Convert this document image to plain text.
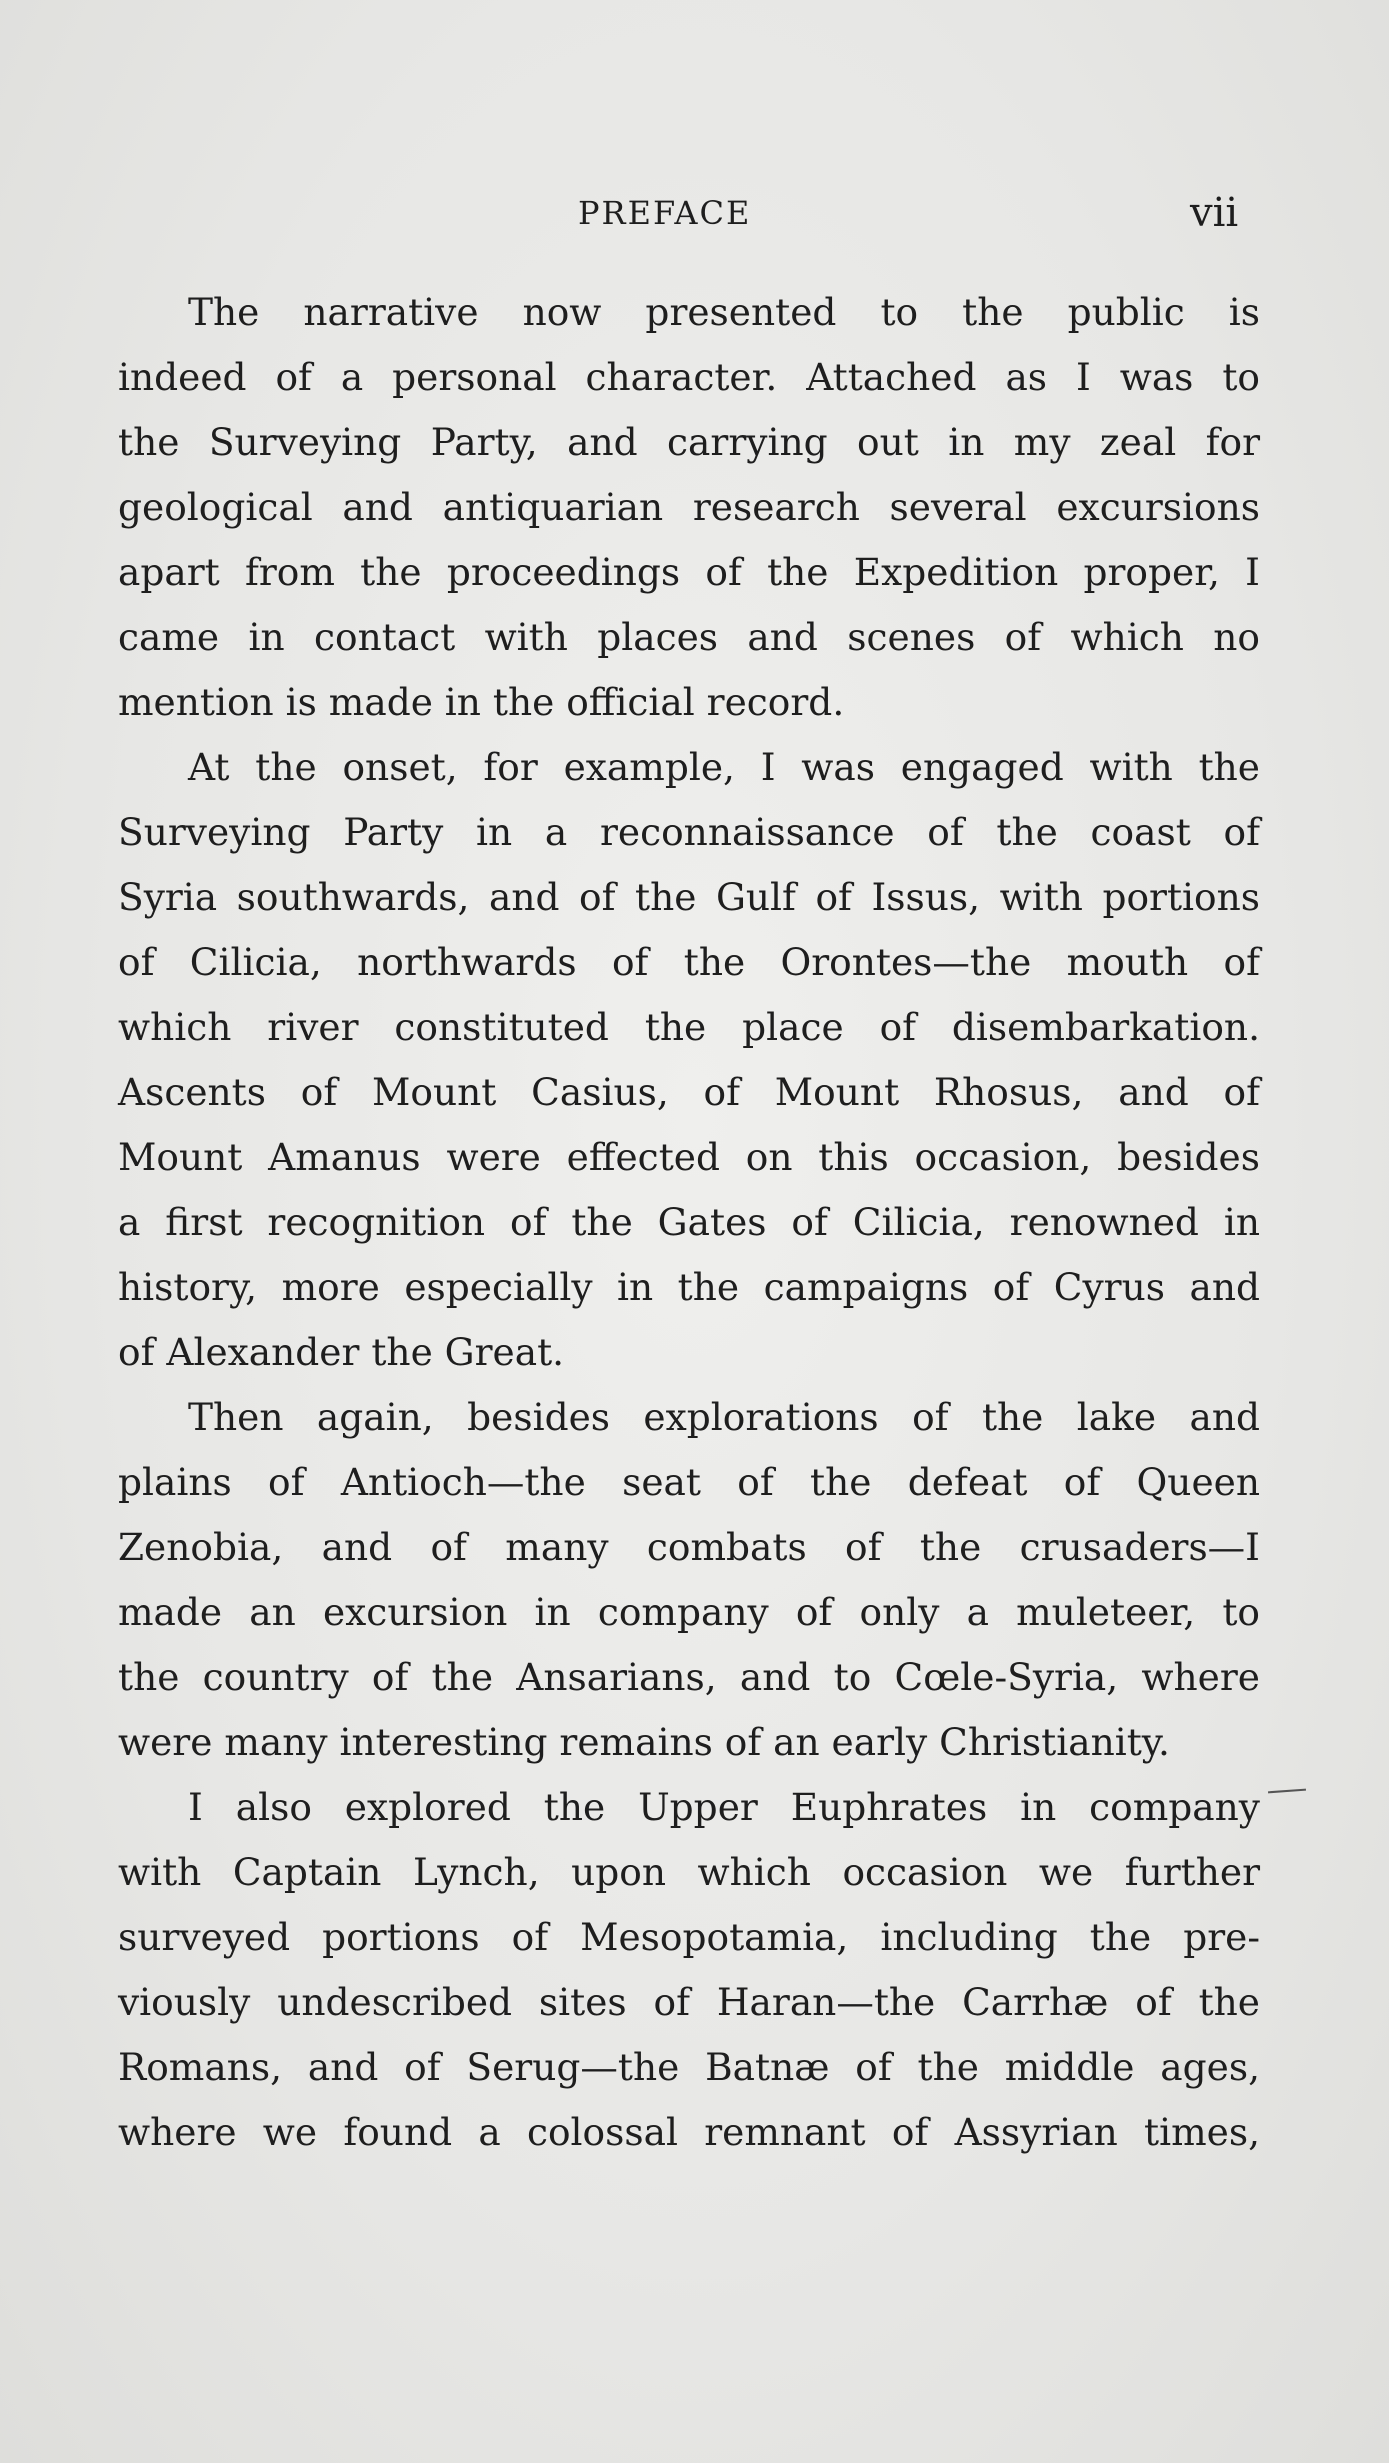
PREFACE	vii
The narrative now presented to the public is
indeed of a personal character. Attached as I was to
the Surveying Party, and carrying out in my zeal for
geological and antiquarian research several excursions
apart from the proceedings of the Expedition proper, I
came in contact with places and scenes of which no
mention is made in the official record.
At the onset, for example, I was engaged with the
Surveying Party in a reconnaissance of the coast of
Syria southwards, and of the Gulf of Issus, with portions
of Cilicia, northwards of the Orontes—the mouth of
which river constituted the place of disembarkation.
Ascents of Mount Casius, of Mount Rhosus, and of
Mount Amanus were effected on this occasion, besides
a first recognition of the Gates of Cilicia, renowned in
history, more especially in the campaigns of Cyrus and
of Alexander the Great.
Then again, besides explorations of the lake and
plains of Antioch—the seat of the defeat of Queen
Zenobia, and of many combats of the crusaders—I
made an excursion in company of only a muleteer, to
the country of the Ansarians, and to Cœle-Syria, where
were many interesting remains of an early Christianity.
I also explored the Upper Euphrates in company
with Captain Lynch, upon which occasion we further
surveyed portions of Mesopotamia, including the pre-
viously undescribed sites of Haran—the Carrhæ of the
Romans, and of Serug—the Batnæ of the middle ages,
where we found a colossal remnant of Assyrian times,
